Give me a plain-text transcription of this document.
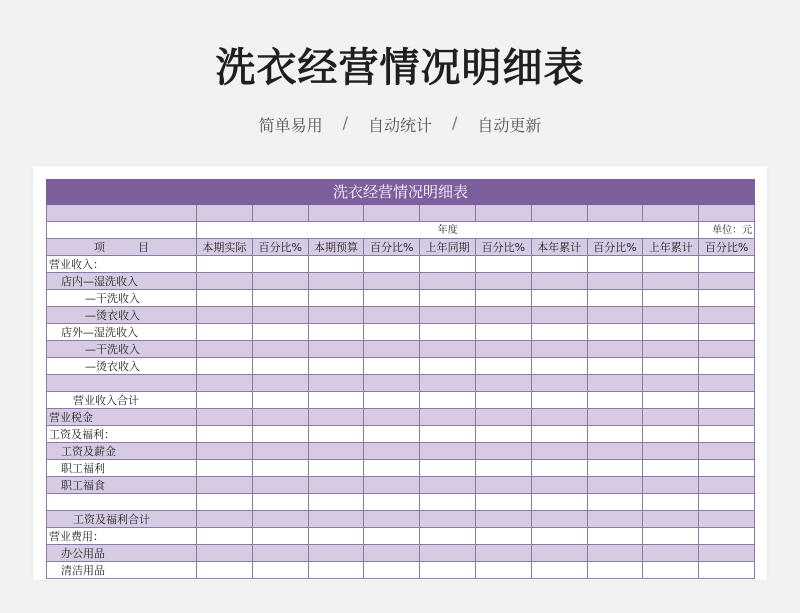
洗衣经营情况明细表
简单易用 / 自动统计 / 自动更新
洗衣经营情况明细表										

	年度									单位：元
项　　　目	本期实际	百分比%	本期预算	百分比%	上年同期	百分比%	本年累计	百分比%	上年累计	百分比%
营业收入：										
店内—湿洗收入										
—干洗收入										
—烫衣收入										
店外—湿洗收入										
—干洗收入										
—烫衣收入										

营业收入合计										
营业税金										
工资及福利：										
工资及薪金										
职工福利										
职工福食										

工资及福利合计										
营业费用：										
办公用品										
清洁用品										
